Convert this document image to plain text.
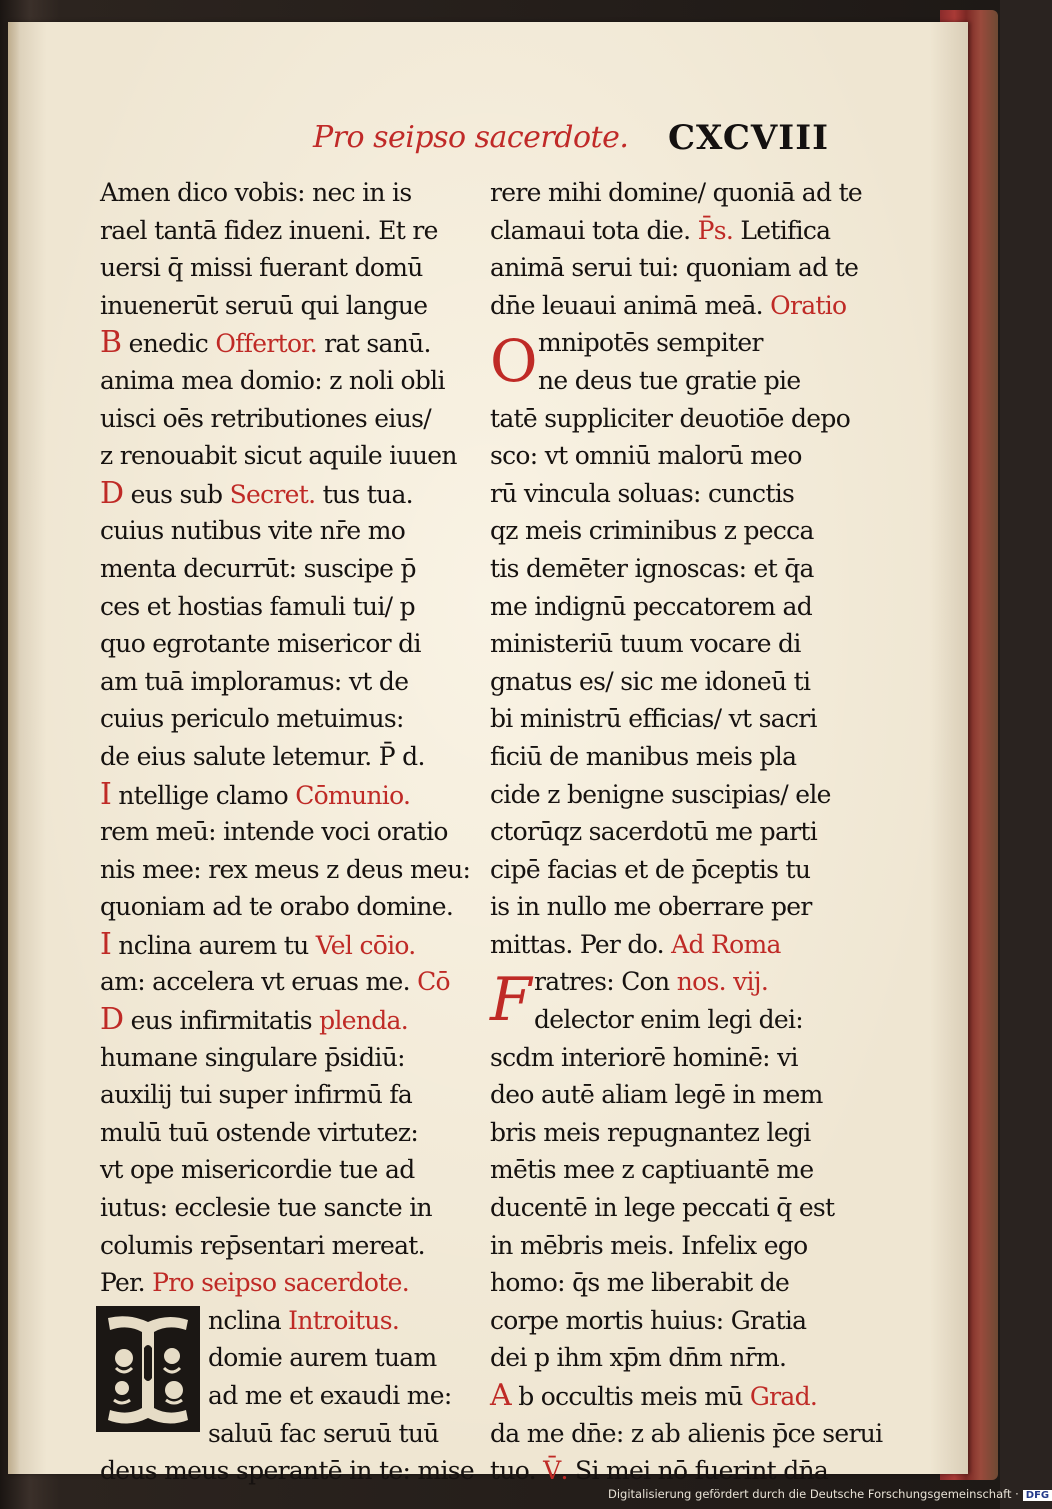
Pro seipso sacerdote. CXCVIII
Amen dico vobis: nec in is
rael tantā fidez inueni. Et re
uersi q̄ missi fuerant domū
inuenerūt seruū qui langue
B enedic Offertor. rat sanū.
anima mea domio: z noli obli
uisci oēs retributiones eius/
z renouabit sicut aquile iuuen
D eus sub Secret. tus tua.
cuius nutibus vite nr̄e mo
menta decurrūt: suscipe p̄
ces et hostias famuli tui/ p
quo egrotante misericor di
am tuā imploramus: vt de
cuius periculo metuimus:
de eius salute letemur. P̄ d.
I ntellige clamo Cōmunio.
rem meū: intende voci oratio
nis mee: rex meus z deus meu:
quoniam ad te orabo domine.
I nclina aurem tu Vel cōio.
am: accelera vt eruas me. Cō
D eus infirmitatis plenda.
humane singulare p̄sidiū:
auxilij tui super infirmū fa
mulū tuū ostende virtutez:
vt ope misericordie tue ad
iutus: ecclesie tue sancte in
columis rep̄sentari mereat.
Per. Pro seipso sacerdote.
nclina Introitus.
domie aurem tuam
ad me et exaudi me:
saluū fac seruū tuū
deus meus sperantē in te: mise
rere mihi domine/ quoniā ad te
clamaui tota die. P̄s. Letifica
animā serui tui: quoniam ad te
dn̄e leuaui animā meā. Oratio
O mnipotēs sempiter
ne deus tue gratie pie
tatē suppliciter deuotiōe depo
sco: vt omniū malorū meo
rū vincula soluas: cunctis
qz meis criminibus z pecca
tis demēter ignoscas: et q̄a
me indignū peccatorem ad
ministeriū tuum vocare di
gnatus es/ sic me idoneū ti
bi ministrū efficias/ vt sacri
ficiū de manibus meis pla
cide z benigne suscipias/ ele
ctorūqz sacerdotū me parti
cipē facias et de p̄ceptis tu
is in nullo me oberrare per
mittas. Per do. Ad Roma
F ratres: Con nos. vij.
delector enim legi dei:
scdm interiorē hominē: vi
deo autē aliam legē in mem
bris meis repugnantez legi
mētis mee z captiuantē me
ducentē in lege peccati q̄ est
in mēbris meis. Infelix ego
homo: q̄s me liberabit de
corpe mortis huius: Gratia
dei p ihm xp̄m dn̄m nr̄m.
A b occultis meis mū Grad.
da me dn̄e: z ab alienis p̄ce serui
tuo. V̄. Si mei nō fuerint dn̄a
Digitalisierung gefördert durch die Deutsche Forschungsgemeinschaft · DFG
